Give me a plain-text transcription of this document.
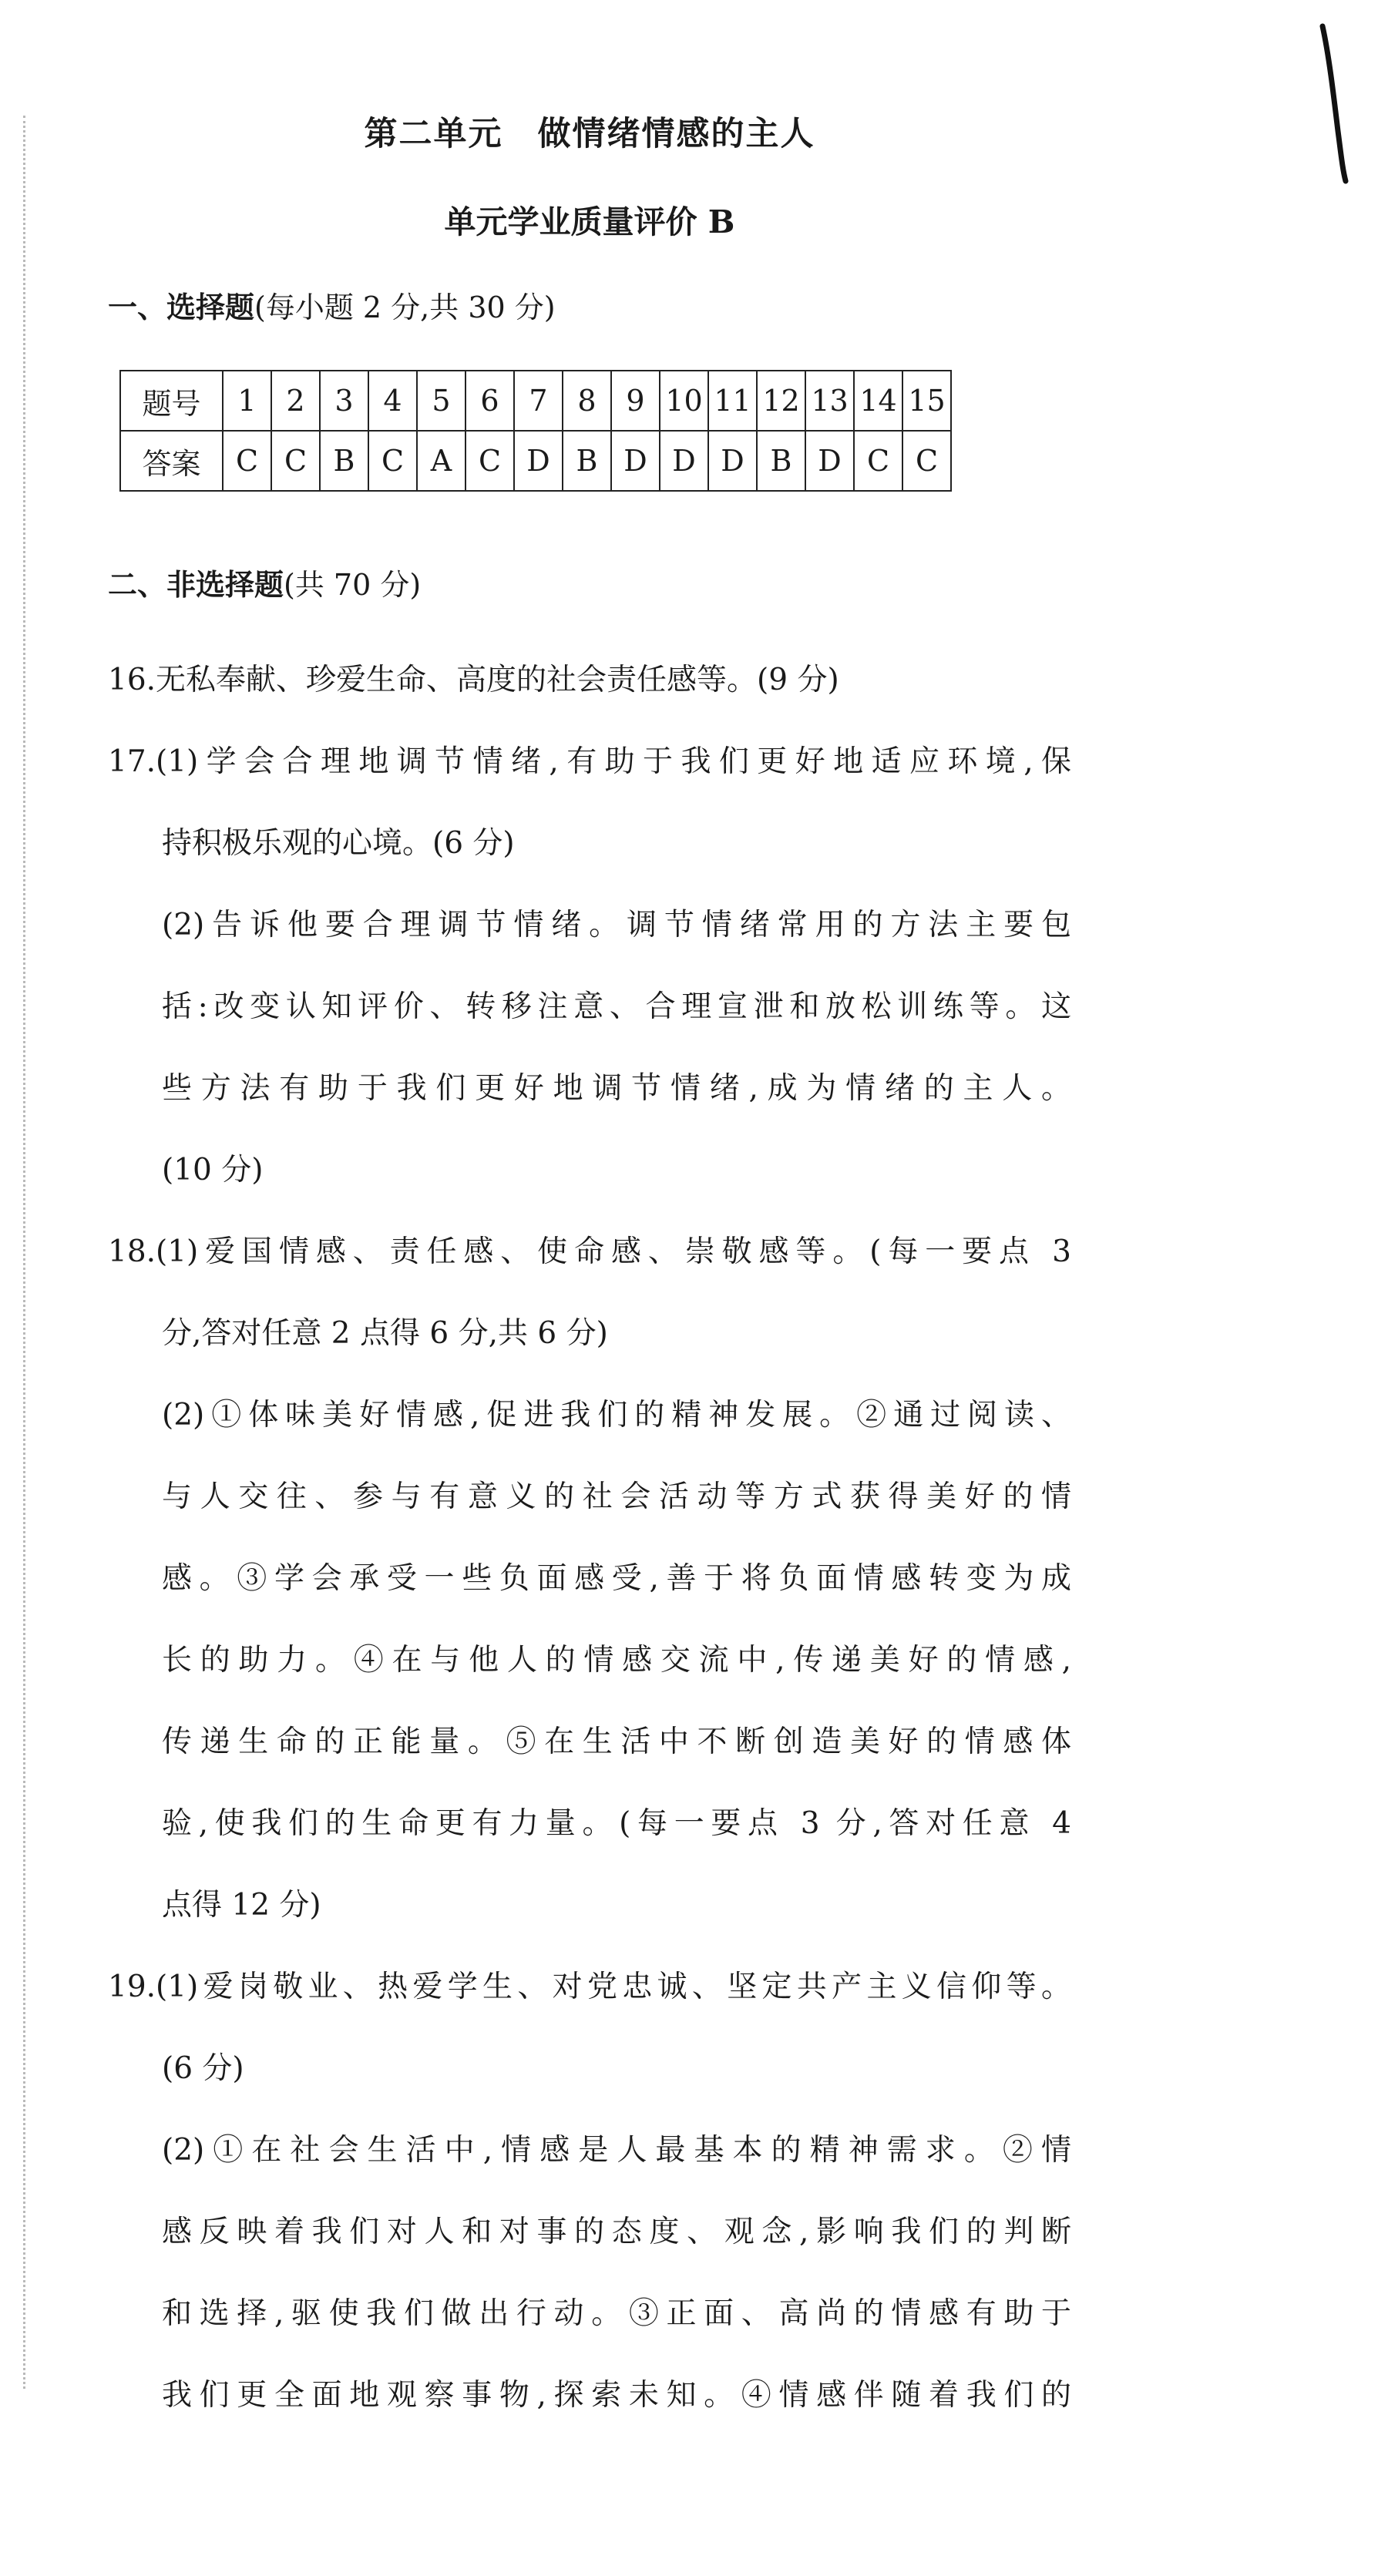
第二单元　做情绪情感的主人
单元学业质量评价 B
一、选择题(每小题 2 分,共 30 分)
题号	1	2	3	4	5	6	7	8	9	10	11	12	13	14	15
答案	C	C	B	C	A	C	D	B	D	D	D	B	D	C	C
二、非选择题(共 70 分)
16.无私奉献、珍爱生命、高度的社会责任感等。(9 分)
17.(1)学会合理地调节情绪,有助于我们更好地适应环境,保
持积极乐观的心境。(6 分)
(2)告诉他要合理调节情绪。调节情绪常用的方法主要包
括:改变认知评价、转移注意、合理宣泄和放松训练等。这
些方法有助于我们更好地调节情绪,成为情绪的主人。
(10 分)
18.(1)爱国情感、责任感、使命感、崇敬感等。(每一要点 3
分,答对任意 2 点得 6 分,共 6 分)
(2)①体味美好情感,促进我们的精神发展。②通过阅读、
与人交往、参与有意义的社会活动等方式获得美好的情
感。③学会承受一些负面感受,善于将负面情感转变为成
长的助力。④在与他人的情感交流中,传递美好的情感,
传递生命的正能量。⑤在生活中不断创造美好的情感体
验,使我们的生命更有力量。(每一要点 3 分,答对任意 4
点得 12 分)
19.(1)爱岗敬业、热爱学生、对党忠诚、坚定共产主义信仰等。
(6 分)
(2)①在社会生活中,情感是人最基本的精神需求。②情
感反映着我们对人和对事的态度、观念,影响我们的判断
和选择,驱使我们做出行动。③正面、高尚的情感有助于
我们更全面地观察事物,探索未知。④情感伴随着我们的
